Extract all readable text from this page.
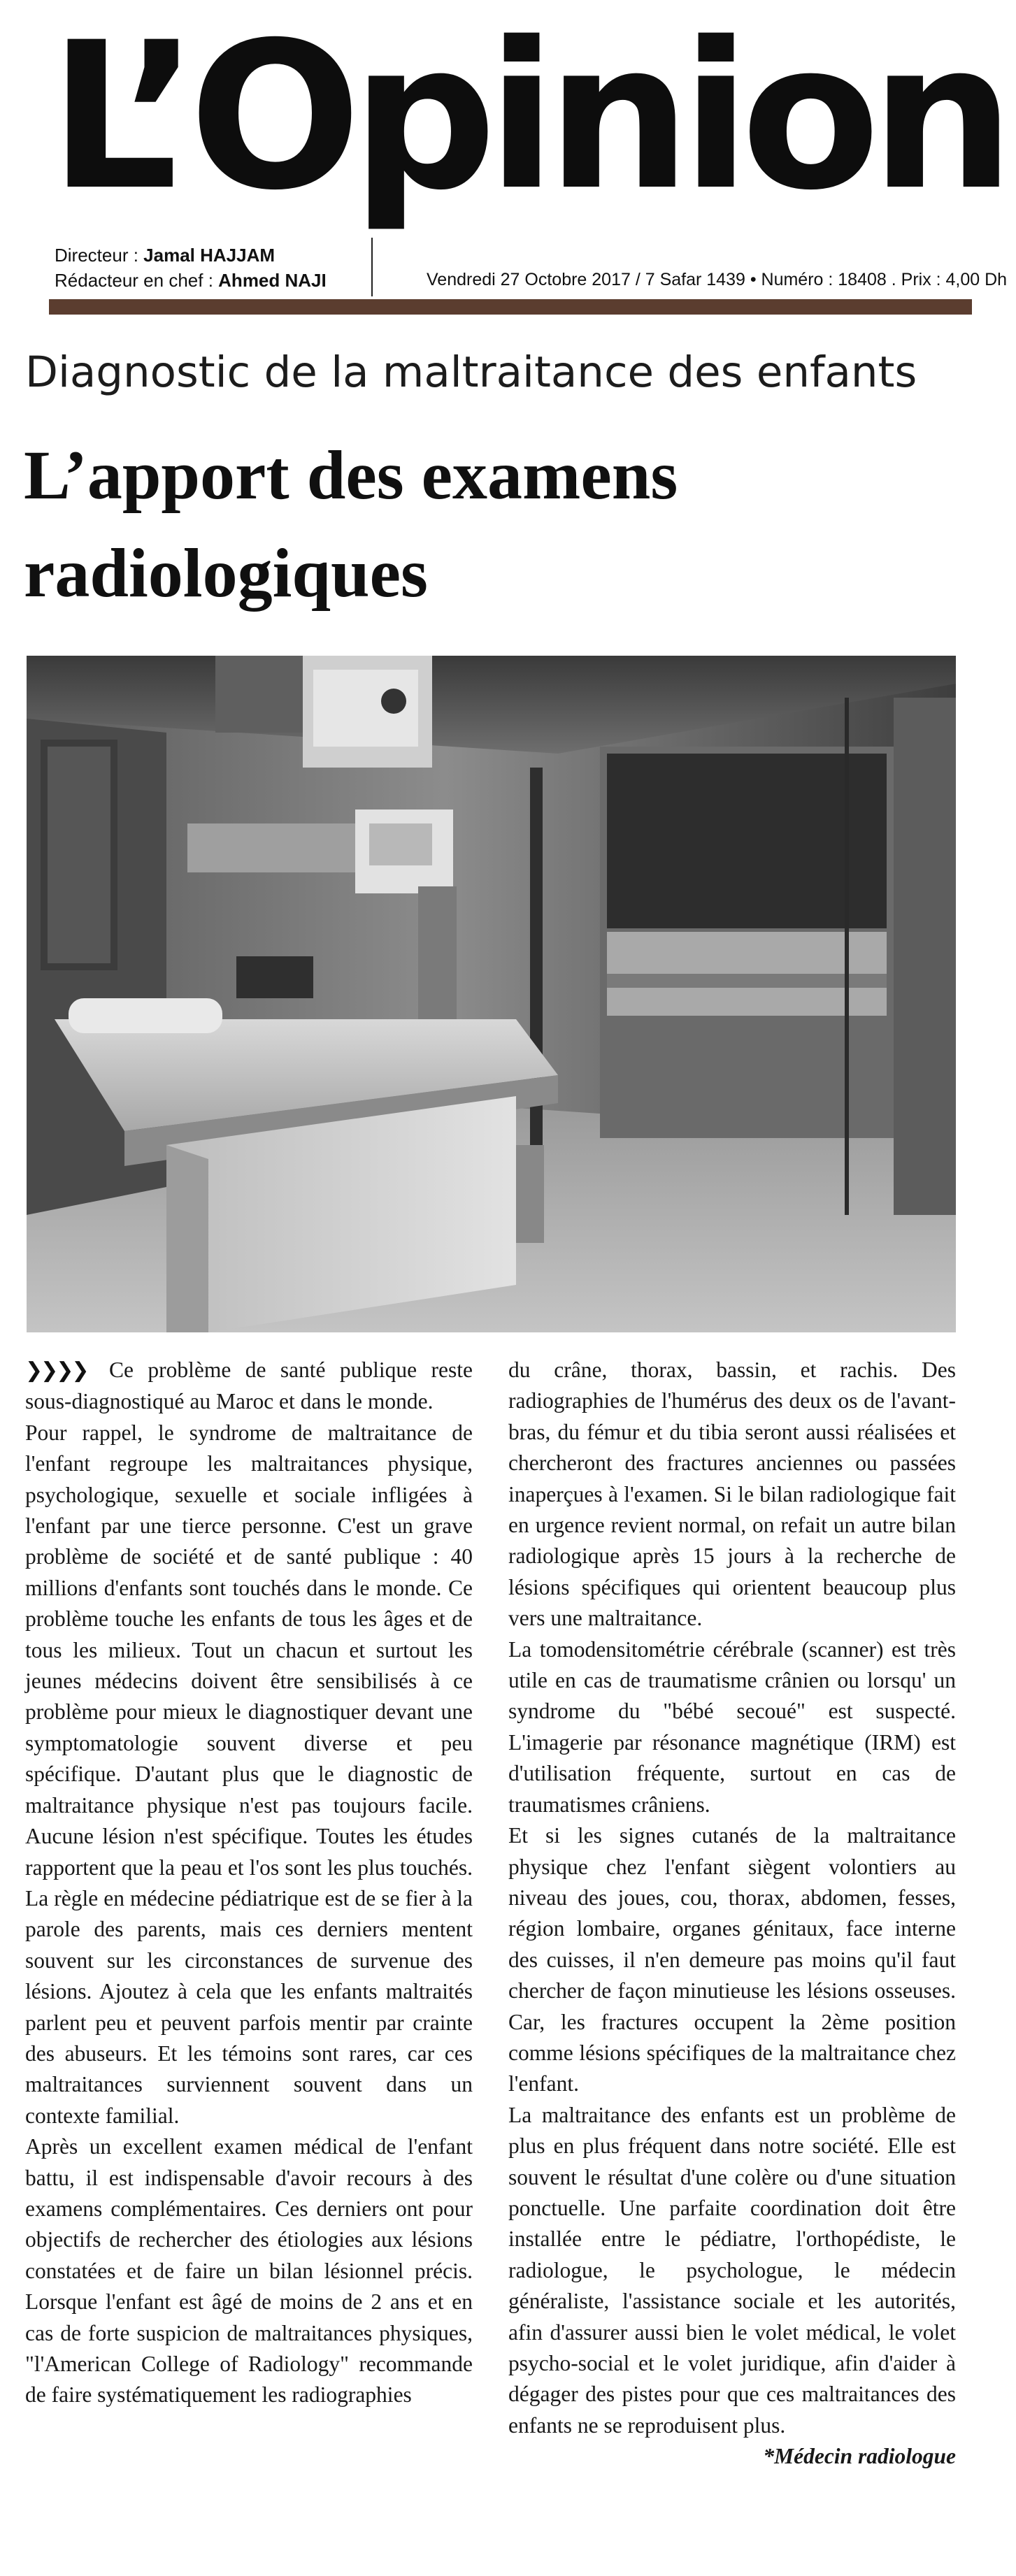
L’Opinion
Directeur : Jamal HAJJAM
Rédacteur en chef : Ahmed NAJI	Vendredi 27 Octobre 2017 / 7 Safar 1439 • Numéro : 18408 . Prix : 4,00 Dh
Diagnostic de la maltraitance des enfants
L’apport des examens
radiologiques

❯❯❯❯ Ce problème de santé publique reste sous-diagnostiqué au Maroc et dans le monde.

Pour rappel, le syndrome de maltraitance de l'enfant regroupe les maltraitances physique, psychologique, sexuelle et sociale infligées à l'enfant par une tierce personne. C'est un grave problème de société et de santé publique : 40 millions d'enfants sont touchés dans le monde. Ce problème touche les enfants de tous les âges et de tous les milieux. Tout un chacun et surtout les jeunes médecins doivent être sensibilisés à ce problème pour mieux le diagnostiquer devant une symptomatologie souvent diverse et peu spécifique. D'autant plus que le diagnostic de maltraitance physique n'est pas toujours facile. Aucune lésion n'est spécifique. Toutes les études rapportent que la peau et l'os sont les plus touchés. La règle en médecine pédiatrique est de se fier à la parole des parents, mais ces derniers mentent souvent sur les circonstances de survenue des lésions. Ajoutez à cela que les enfants maltraités parlent peu et peuvent parfois mentir par crainte des abuseurs. Et les témoins sont rares, car ces maltraitances surviennent souvent dans un contexte familial.

Après un excellent examen médical de l'enfant battu, il est indispensable d'avoir recours à des examens complémentaires. Ces derniers ont pour objectifs de rechercher des étiologies aux lésions constatées et de faire un bilan lésionnel précis. Lorsque l'enfant est âgé de moins de 2 ans et en cas de forte suspicion de maltraitances physiques, "l'American College of Radiology" recommande de faire systématiquement les radiographies

du crâne, thorax, bassin, et rachis. Des radiographies de l'humérus des deux os de l'avant-bras, du fémur et du tibia seront aussi réalisées et chercheront des fractures anciennes ou passées inaperçues à l'examen. Si le bilan radiologique fait en urgence revient normal, on refait un autre bilan radiologique après 15 jours à la recherche de lésions spécifiques qui orientent beaucoup plus vers une maltraitance.

La tomodensitométrie cérébrale (scanner) est très utile en cas de traumatisme crânien ou lorsqu' un syndrome du "bébé secoué" est suspecté. L'imagerie par résonance magnétique (IRM) est d'utilisation fréquente, surtout en cas de traumatismes crâniens.

Et si les signes cutanés de la maltraitance physique chez l'enfant siègent volontiers au niveau des joues, cou, thorax, abdomen, fesses, région lombaire, organes génitaux, face interne des cuisses, il n'en demeure pas moins qu'il faut chercher de façon minutieuse les lésions osseuses. Car, les fractures occupent la 2ème position comme lésions spécifiques de la maltraitance chez l'enfant.

La maltraitance des enfants est un problème de plus en plus fréquent dans notre société. Elle est souvent le résultat d'une colère ou d'une situation ponctuelle. Une parfaite coordination doit être installée entre le pédiatre, l'orthopédiste, le radiologue, le psychologue, le médecin généraliste, l'assistance sociale et les autorités, afin d'assurer aussi bien le volet médical, le volet psycho-social et le volet juridique, afin d'aider à dégager des pistes pour que ces maltraitances des enfants ne se reproduisent plus.

*Médecin radiologue
